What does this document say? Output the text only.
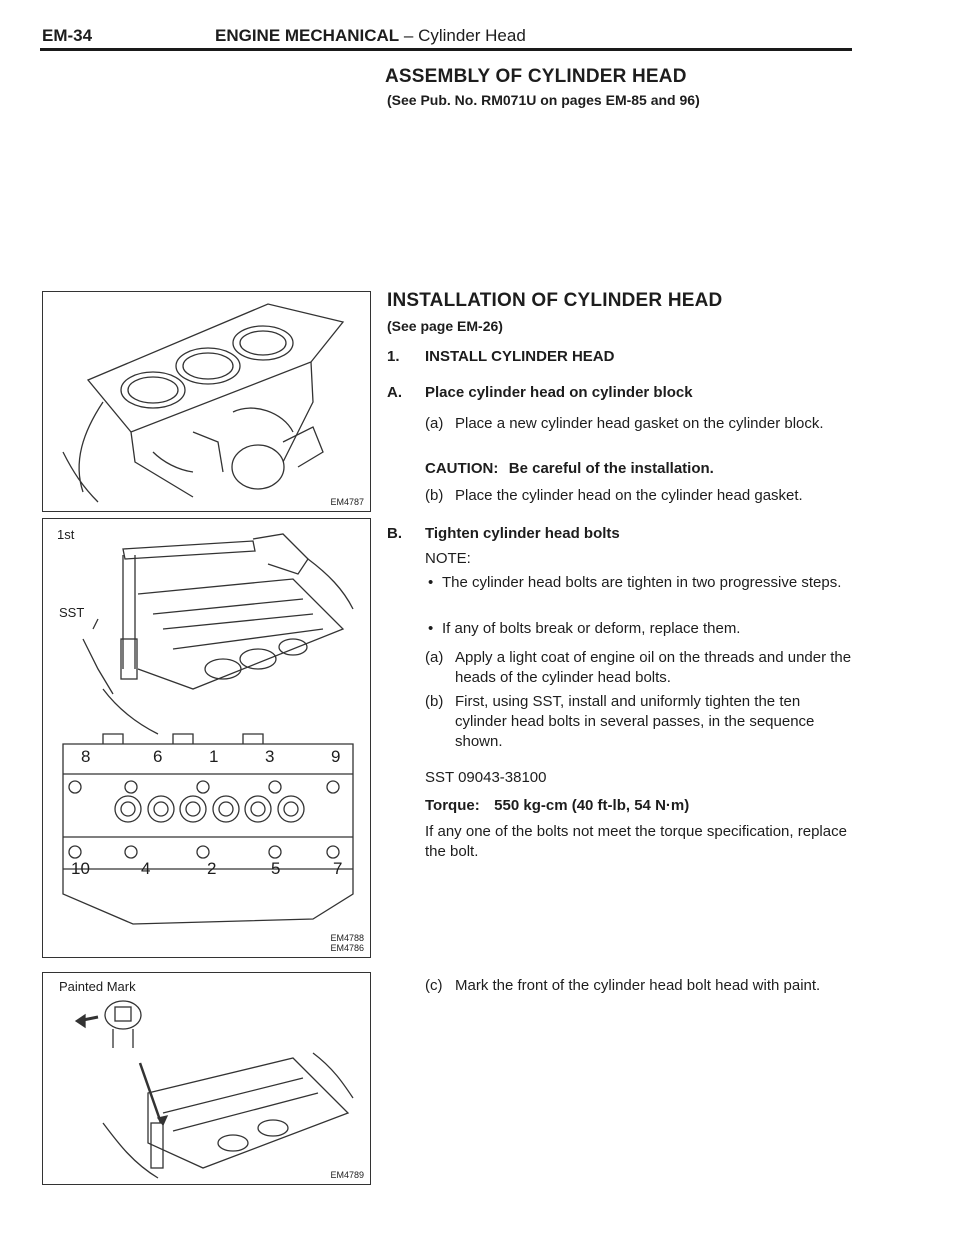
EM-34	ENGINE MECHANICAL – Cylinder Head
ASSEMBLY OF CYLINDER HEAD
(See Pub. No. RM071U on pages EM-85 and 96)
EM4787
1st
SST
8	6	1	3	9
10	4	2	5	7
EM4788
EM4786
Painted Mark
EM4789
INSTALLATION OF CYLINDER HEAD
(See page EM-26)
1. INSTALL CYLINDER HEAD
A. Place cylinder head on cylinder block
(a) Place a new cylinder head gasket on the cylinder block.
CAUTION: Be careful of the installation.
(b) Place the cylinder head on the cylinder head gasket.
B. Tighten cylinder head bolts
NOTE:
• The cylinder head bolts are tighten in two progressive steps.
• If any of bolts break or deform, replace them.
(a) Apply a light coat of engine oil on the threads and under the heads of the cylinder head bolts.
(b) First, using SST, install and uniformly tighten the ten cylinder head bolts in several passes, in the sequence shown.
SST 09043-38100
Torque: 550 kg-cm (40 ft-lb, 54 N·m)
If any one of the bolts not meet the torque specification, replace the bolt.
(c) Mark the front of the cylinder head bolt head with paint.
